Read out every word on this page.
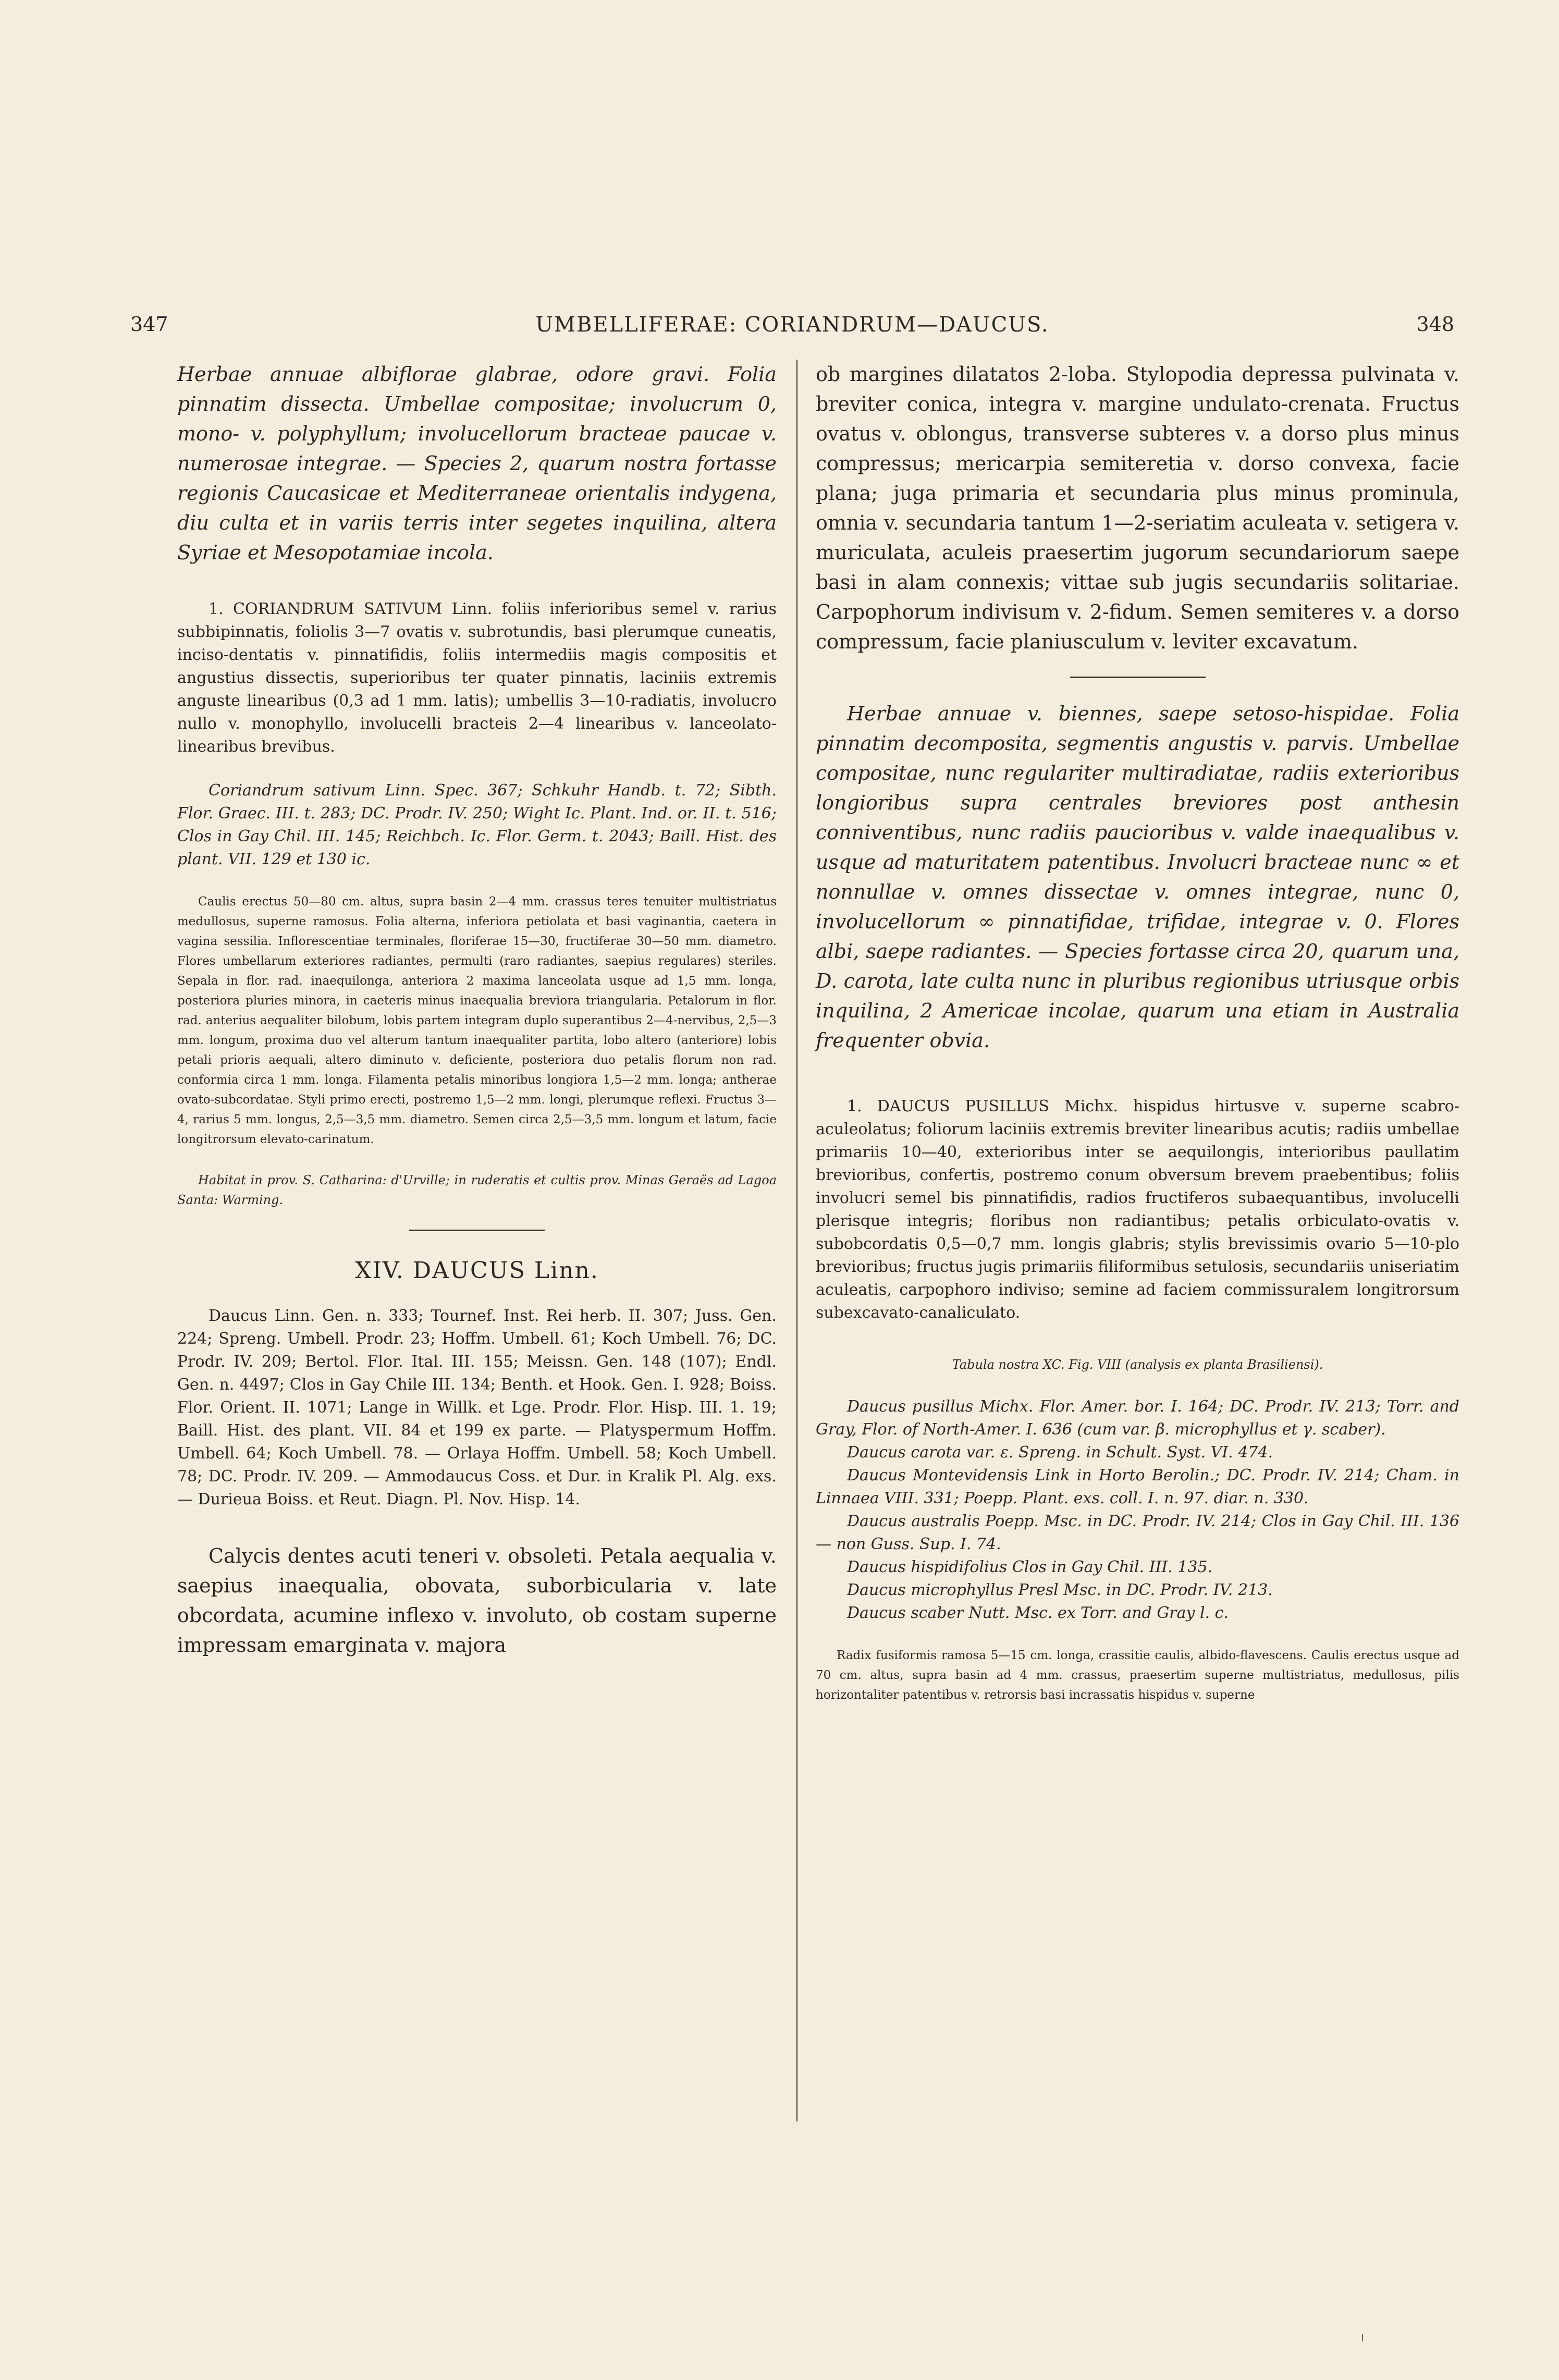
347	UMBELLIFERAE: CORIANDRUM—DAUCUS.	348

Herbae annuae albiflorae glabrae, odore gravi. Folia pinnatim dissecta. Umbellae compositae; involucrum 0, mono- v. polyphyllum; involucellorum bracteae paucae v. numerosae integrae. — Species 2, quarum nostra fortasse regionis Caucasicae et Mediterraneae orientalis indygena, diu culta et in variis terris inter segetes inquilina, altera Syriae et Mesopotamiae incola.

1. CORIANDRUM SATIVUM Linn. foliis inferioribus semel v. rarius subbipinnatis, foliolis 3—7 ovatis v. subrotundis, basi plerumque cuneatis, inciso-dentatis v. pinnatifidis, foliis intermediis magis compositis et angustius dissectis, superioribus ter quater pinnatis, laciniis extremis anguste linearibus (0,3 ad 1 mm. latis); umbellis 3—10-radiatis, involucro nullo v. monophyllo, involucelli bracteis 2—4 linearibus v. lanceolato-linearibus brevibus.

Coriandrum sativum Linn. Spec. 367; Schkuhr Handb. t. 72; Sibth. Flor. Graec. III. t. 283; DC. Prodr. IV. 250; Wight Ic. Plant. Ind. or. II. t. 516; Clos in Gay Chil. III. 145; Reichbch. Ic. Flor. Germ. t. 2043; Baill. Hist. des plant. VII. 129 et 130 ic.

Caulis erectus 50—80 cm. altus, supra basin 2—4 mm. crassus teres tenuiter multistriatus medullosus, superne ramosus. Folia alterna, inferiora petiolata et basi vaginantia, caetera in vagina sessilia. Inflorescentiae terminales, floriferae 15—30, fructiferae 30—50 mm. diametro. Flores umbellarum exteriores radiantes, permulti (raro radiantes, saepius regulares) steriles. Sepala in flor. rad. inaequilonga, anteriora 2 maxima lanceolata usque ad 1,5 mm. longa, posteriora pluries minora, in caeteris minus inaequalia breviora triangularia. Petalorum in flor. rad. anterius aequaliter bilobum, lobis partem integram duplo superantibus 2—4-nervibus, 2,5—3 mm. longum, proxima duo vel alterum tantum inaequaliter partita, lobo altero (anteriore) lobis petali prioris aequali, altero diminuto v. deficiente, posteriora duo petalis florum non rad. conformia circa 1 mm. longa. Filamenta petalis minoribus longiora 1,5—2 mm. longa; antherae ovato-subcordatae. Styli primo erecti, postremo 1,5—2 mm. longi, plerumque reflexi. Fructus 3—4, rarius 5 mm. longus, 2,5—3,5 mm. diametro. Semen circa 2,5—3,5 mm. longum et latum, facie longitrorsum elevato-carinatum.

Habitat in prov. S. Catharina: d'Urville; in ruderatis et cultis prov. Minas Geraës ad Lagoa Santa: Warming.

XIV. DAUCUS Linn.

Daucus Linn. Gen. n. 333; Tournef. Inst. Rei herb. II. 307; Juss. Gen. 224; Spreng. Umbell. Prodr. 23; Hoffm. Umbell. 61; Koch Umbell. 76; DC. Prodr. IV. 209; Bertol. Flor. Ital. III. 155; Meissn. Gen. 148 (107); Endl. Gen. n. 4497; Clos in Gay Chile III. 134; Benth. et Hook. Gen. I. 928; Boiss. Flor. Orient. II. 1071; Lange in Willk. et Lge. Prodr. Flor. Hisp. III. 1. 19; Baill. Hist. des plant. VII. 84 et 199 ex parte. — Platyspermum Hoffm. Umbell. 64; Koch Umbell. 78. — Orlaya Hoffm. Umbell. 58; Koch Umbell. 78; DC. Prodr. IV. 209. — Ammodaucus Coss. et Dur. in Kralik Pl. Alg. exs. — Durieua Boiss. et Reut. Diagn. Pl. Nov. Hisp. 14.

Calycis dentes acuti teneri v. obsoleti. Petala aequalia v. saepius inaequalia, obovata, suborbicularia v. late obcordata, acumine inflexo v. involuto, ob costam superne impressam emarginata v. majora

ob margines dilatatos 2-loba. Stylopodia depressa pulvinata v. breviter conica, integra v. margine undulato-crenata. Fructus ovatus v. oblongus, transverse subteres v. a dorso plus minus compressus; mericarpia semiteretia v. dorso convexa, facie plana; juga primaria et secundaria plus minus prominula, omnia v. secundaria tantum 1—2-seriatim aculeata v. setigera v. muriculata, aculeis praesertim jugorum secundariorum saepe basi in alam connexis; vittae sub jugis secundariis solitariae. Carpophorum indivisum v. 2-fidum. Semen semiteres v. a dorso compressum, facie planiusculum v. leviter excavatum.

Herbae annuae v. biennes, saepe setoso-hispidae. Folia pinnatim decomposita, segmentis angustis v. parvis. Umbellae compositae, nunc regulariter multiradiatae, radiis exterioribus longioribus supra centrales breviores post anthesin conniventibus, nunc radiis paucioribus v. valde inaequalibus v. usque ad maturitatem patentibus. Involucri bracteae nunc ∞ et nonnullae v. omnes dissectae v. omnes integrae, nunc 0, involucellorum ∞ pinnatifidae, trifidae, integrae v. 0. Flores albi, saepe radiantes. — Species fortasse circa 20, quarum una, D. carota, late culta nunc in pluribus regionibus utriusque orbis inquilina, 2 Americae incolae, quarum una etiam in Australia frequenter obvia.

1. DAUCUS PUSILLUS Michx. hispidus hirtusve v. superne scabro-aculeolatus; foliorum laciniis extremis breviter linearibus acutis; radiis umbellae primariis 10—40, exterioribus inter se aequilongis, interioribus paullatim brevioribus, confertis, postremo conum obversum brevem praebentibus; foliis involucri semel bis pinnatifidis, radios fructiferos subaequantibus, involucelli plerisque integris; floribus non radiantibus; petalis orbiculato-ovatis v. subobcordatis 0,5—0,7 mm. longis glabris; stylis brevissimis ovario 5—10-plo brevioribus; fructus jugis primariis filiformibus setulosis, secundariis uniseriatim aculeatis, carpophoro indiviso; semine ad faciem commissuralem longitrorsum subexcavato-canaliculato.

Tabula nostra XC. Fig. VIII (analysis ex planta Brasiliensi).

Daucus pusillus Michx. Flor. Amer. bor. I. 164; DC. Prodr. IV. 213; Torr. and Gray, Flor. of North-Amer. I. 636 (cum var. β. microphyllus et γ. scaber).

Daucus carota var. ε. Spreng. in Schult. Syst. VI. 474.

Daucus Montevidensis Link in Horto Berolin.; DC. Prodr. IV. 214; Cham. in Linnaea VIII. 331; Poepp. Plant. exs. coll. I. n. 97. diar. n. 330.

Daucus australis Poepp. Msc. in DC. Prodr. IV. 214; Clos in Gay Chil. III. 136 — non Guss. Sup. I. 74.

Daucus hispidifolius Clos in Gay Chil. III. 135.

Daucus microphyllus Presl Msc. in DC. Prodr. IV. 213.

Daucus scaber Nutt. Msc. ex Torr. and Gray l. c.

Radix fusiformis ramosa 5—15 cm. longa, crassitie caulis, albido-flavescens. Caulis erectus usque ad 70 cm. altus, supra basin ad 4 mm. crassus, praesertim superne multistriatus, medullosus, pilis horizontaliter patentibus v. retrorsis basi incrassatis hispidus v. superne
